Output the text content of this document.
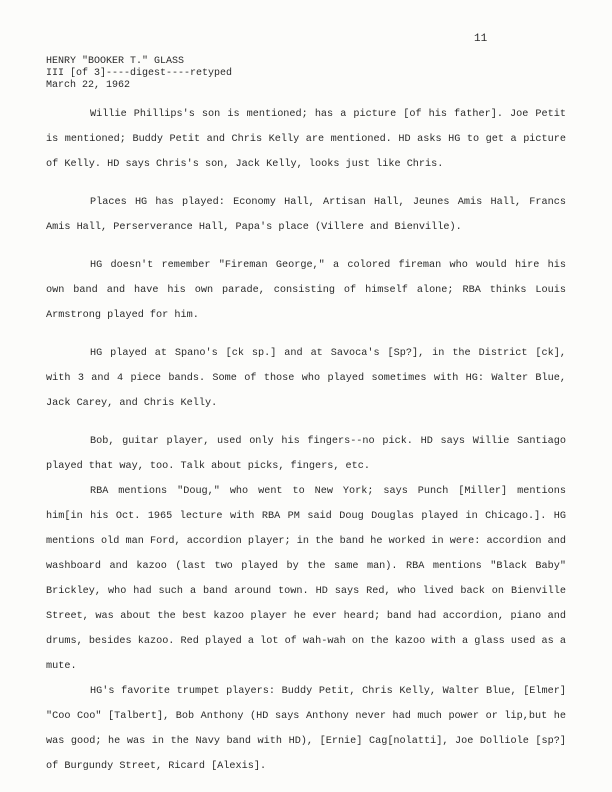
11
HENRY "BOOKER T." GLASS
III [of 3]----digest----retyped
March 22, 1962

Willie Phillips's son is mentioned; has a picture [of his father]. Joe Petit is mentioned; Buddy Petit and Chris Kelly are mentioned. HD asks HG to get a picture of Kelly. HD says Chris's son, Jack Kelly, looks just like Chris.

Places HG has played: Economy Hall, Artisan Hall, Jeunes Amis Hall, Francs Amis Hall, Perserverance Hall, Papa's place (Villere and Bienville).

HG doesn't remember "Fireman George," a colored fireman who would hire his own band and have his own parade, consisting of himself alone; RBA thinks Louis Armstrong played for him.

HG played at Spano's [ck sp.] and at Savoca's [Sp?], in the District [ck], with 3 and 4 piece bands. Some of those who played sometimes with HG: Walter Blue, Jack Carey, and Chris Kelly.

Bob, guitar player, used only his fingers--no pick. HD says Willie Santiago played that way, too. Talk about picks, fingers, etc.

RBA mentions "Doug," who went to New York; says Punch [Miller] mentions him[in his Oct. 1965 lecture with RBA PM said Doug Douglas played in Chicago.]. HG mentions old man Ford, accordion player; in the band he worked in were: accordion and washboard and kazoo (last two played by the same man). RBA mentions "Black Baby" Brickley, who had such a band around town. HD says Red, who lived back on Bienville Street, was about the best kazoo player he ever heard; band had accordion, piano and drums, besides kazoo. Red played a lot of wah-wah on the kazoo with a glass used as a mute.

HG's favorite trumpet players: Buddy Petit, Chris Kelly, Walter Blue, [Elmer] "Coo Coo" [Talbert], Bob Anthony (HD says Anthony never had much power or lip,but he was good; he was in the Navy band with HD), [Ernie] Cag[nolatti], Joe Dolliole [sp?] of Burgundy Street, Ricard [Alexis].
